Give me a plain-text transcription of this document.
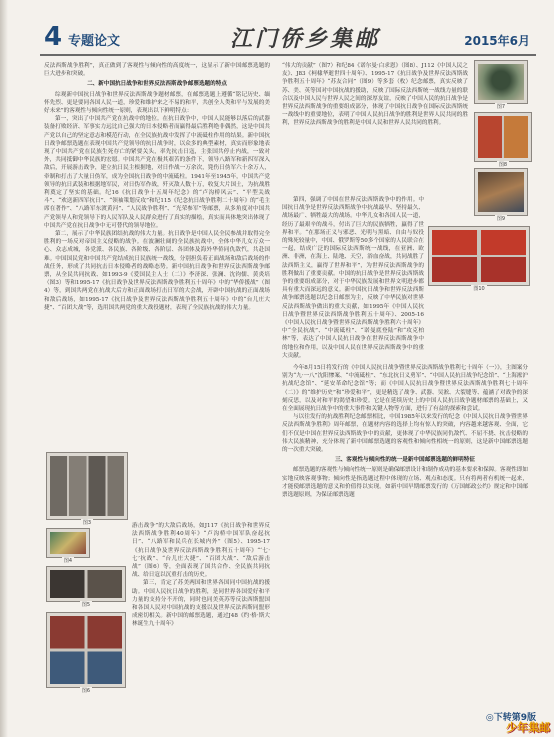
4 专题论文	江门侨乡集邮	2015年6月

反法西斯战争胜利”，真正做到了客观性与倾向性的高度统一，这显示了新中国邮票选题的巨大进步和突破。

二、新中国抗日战争和世界反法西斯战争邮票选题的特点

综观新中国抗日战争和世界反法西斯战争题材邮票，在邮票选题上遵循“铭记历史、缅怀先烈、更是要同各国人民一道，珍爱和维护来之不易的和平，共创全人类和平与发展的美好未来”的客观性与倾向性统一原则，表现出以下鲜明特点：

第一，突出了中国共产党在抗战中的地位。在抗日战争中，中国人民能够以落后的武器装备打败经济、军事实力远比自己强大的日本侵略者而赢得最后胜利绝非偶然，这是中国共产党以自己的坚定意志和模范行动，在全民族抗战中发挥了中流砥柱作用的结果。新中国抗日战争邮票选题在表现中国共产党领导的抗日战争时，以众多的典型素材，真实而形象地表现了中国共产党在民族生死存亡的紧要关头，率先抗击日寇，主张国共停止内战，一致对外，共同抵御中华民族的宏愿。中国共产党在极其艰苦的条件下，领导八路军和新四军深入敌后，开展游击战争，建立抗日民主根据地，对日作战一万余次，毙伤日伪军六十余万人，牵制和打击了大量日伪军，成为全国抗日战争的中流砥柱。1941年至1945年，中国共产党领导的抗日武装和根据地军民，对日伪军作战，歼灭敌人数十万，收复大片国土，为抗战胜利奠定了坚实的基础。纪16《抗日战争十五周年纪念》的“卢沟桥风云”、“平型关战斗”、“欢送新四军抗日”、“领袖策划反攻”和纪115《纪念抗日战争胜利二十周年》的“毛主席在著作”、“八路军东渡黄河”、“人民战争胜利”、“光荣参军”等邮票，从多角度对中国共产党领导人和党领导下的人民军队及人民群众进行了真实的描绘，真实而具体地突出体现了中国共产党在抗日战争中无可替代的领导地位。

第二，展示了中华民族团结抗战的伟大力量。抗日战争是中国人民全民参战并取得完全胜利的一场反对帝国主义侵略的战争。在波澜壮阔的全民族抗战中，全体中华儿女万众一心、众志成城，各党派、各民族、各阶级、各阶层、各团体及海外华侨同仇敌忾，共赴国难。中国国民党和中国共产党结成抗日民族统一战线，分别担负着正面战场和敌后战场的作战任务，形成了共同抗击日本侵略者的战略态势。新中国抗日战争和世界反法西斯战争邮票，从全民共同抗战、如1993-9《爱国民主人士（二）》李济深、张澜、沈钧儒、黄炎培（图3）等和1995-17《抗日战争及世界反法西斯战争胜利五十周年》中的“华侨援战”（图4）等，到国共两党在抗战大后方和正面战场打击日军的大会战，开辟中国抗战的正面战场和敌后战场，如1995-17《抗日战争及世界反法西斯战争胜利五十周年》中的“台儿庄大捷”、“百团大战”等，选用国共两党的重大战役题材，表现了全民族抗战的伟大力量。

图3
图4
图5
图6

游击战争”的大敌后战场，如J117《抗日战争和世界反法西斯战争胜利40周年》“卢沟桥中国军队奋起抗日”、“八路军和民兵在长城内外”（图5）、1995-17《抗日战争及世界反法西斯战争胜利五十周年》“‘七·七’抗战”、“台儿庄大捷”、“百团大战”、“敌后游击战”（图6）等，全面表现了国共合作、全民族共同抗战、给日寇以沉重打击的历史。

第三，肯定了苏美两国和世界各国同中国抗战的援助。中国人民抗日战争的胜利，是同世界各国爱好和平力量的支持分不开的，同时也同美英苏等反法西斯盟国和各国人民对中国抗战的支援以及世界反法西斯同盟形成密切相关。新中国的邮票选题，通过J48《约·格·斯大林诞生九十周年》

图7
图8
图9
图10

“伟大的贡献”（图7）和纪84《诺尔曼·白求恩》（图8）、J112《中国人民之友》、J83《柯棣华逝世四十周年》、1995-17《抗日战争及世界反法西斯战争胜利五十周年》“苏友合同”（图9）等多套（枚）纪念邮票，真实反映了苏、美、英等国对中国抗战的援助，反映了国际反法西斯统一战线力量的联合以及中国人民与世界人民之间的深厚友谊，反映了中国人民的抗日战争是世界反法西斯战争的重要组成部分，体现了中国抗日战争在国际反法西斯统一战线中的重要地位，表明了中国人民抗日战争的胜利是世界人民共同的胜利，世界反法西斯战争的胜利是中国人民和世界人民共同的胜利。

第四，强调了中国在世界反法西斯战争中的作用。中国抗日战争是世界反法西斯战争中抗战最早、坚持最久、战场最广、牺牲最大的战场。中华儿女和各国人民一道，经历了最艰辛的战斗，付出了巨大的民族牺牲，赢得了世界和平。“在那场正义与邪恶、光明与黑暗、自由与奴役的殊死较量中，中国、俄罗斯等50多个国家的人民联合在一起，结成广泛的国际反法西斯统一战线，在亚洲、欧洲、非洲，在海上、陆地、天空，浴血奋战，共同战胜了法西斯主义，赢得了世界和平”，为世界反法西斯战争的胜利做出了重要贡献。中国的抗日战争是世界反法西斯战争的重要组成部分，对于中华民族发展和世界文明进步都具有重大而深远的意义。新中国抗日战争和世界反法西斯战争邮票选题以纪念日邮票为主，反映了中华民族对世界反法西斯战争做出的重大贡献，如1995年《中国人民抗日战争暨世界反法西斯战争胜利五十周年》、2005-16《中国人民抗日战争暨世界反法西斯战争胜利六十周年》中“全民抗战”、“中流砥柱”、“诺曼底登陆”和“攻克柏林”等，表达了中国人民抗日战争在世界反法西斯战争中的地位和作用，以及中国人民在世界反法西斯战争中的重大贡献。

今年8月15日将发行的《中国人民抗日战争暨世界反法西斯战争胜利七十周年（一）》，主图案分别为“九·一八”沈阳惨案、“中流砥柱”、“东北抗日义勇军”、“中国人民抗日战争纪念馆”、“上海淞沪抗战纪念馆”、“延安革命纪念馆”等；而《中国人民抗日战争暨世界反法西斯战争胜利七十周年（二）》的“维护历史”和“珍爱和平”，更是精选了战争、武器、吴淞、大裂缝等、蕴涵了对战争的深刻反思，以及对和平的渴望和珍爱。它是在延续历史上的中国人民抗日战争题材邮票的基础上，又在全面展现抗日战争中的重大事件和关键人物等方面，进行了有益的探索和尝试。

与以往发行的抗战胜利纪念邮票相比，中国1985年以来发行的纪念《中国人民抗日战争暨世界反法西斯战争胜利》周年邮票，在题材内容的选择上均有惊人的突破，内容越来越客观、全面，它们不仅是中国在世界反法西斯战争中的贡献，更体现了中华民族同仇敌忾、不屈不挠、抗击侵略的伟大民族精神，充分体现了新中国邮票选题的客观性和倾向性相统一的原则，这是新中国邮票选题的一次重大突破。

三、客观性与倾向性的统一是新中国邮票选题的鲜明特征

邮票选题的客观性与倾向性统一原则是确保邮票设计和制作成功的基本要求和保障。客观性即如实地反映客观事物；倾向性是指选题过程中体现的立场、观点和态度。只有将两者有机统一起来，才能使邮票选题的意义和价值得以实现。如新中国早期邮票发行的《万国邮政公约》规定和中国邮票选题原则，为保证邮票选题

◎下转第9版
少年集邮
